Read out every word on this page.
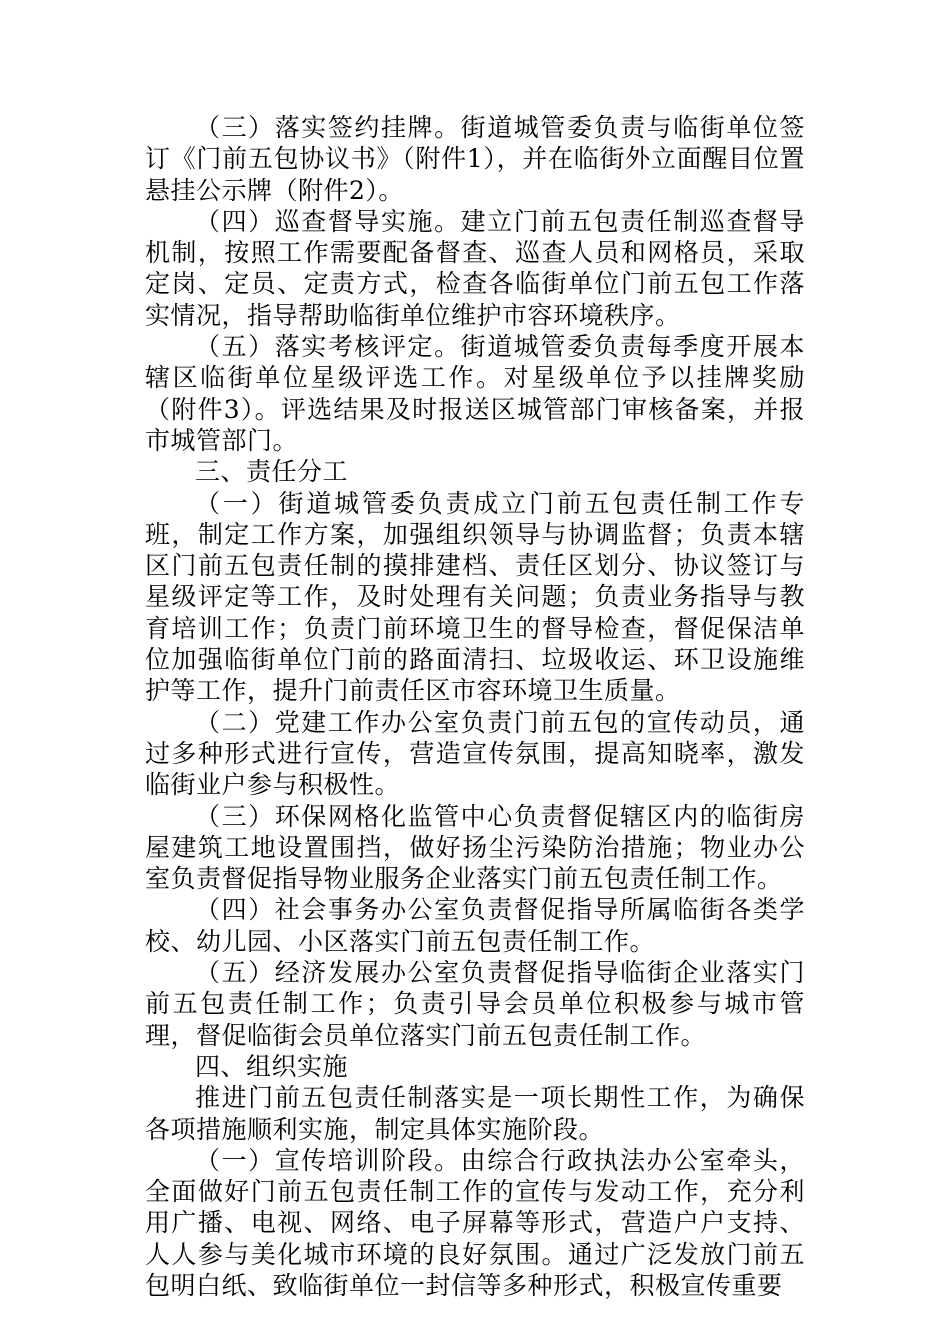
（三）落实签约挂牌。街道城管委负责与临街单位签订《门前五包协议书》（附件1），并在临街外立面醒目位置悬挂公示牌（附件2）。

（四）巡查督导实施。建立门前五包责任制巡查督导机制，按照工作需要配备督查、巡查人员和网格员，采取定岗、定员、定责方式，检查各临街单位门前五包工作落实情况，指导帮助临街单位维护市容环境秩序。

（五）落实考核评定。街道城管委负责每季度开展本辖区临街单位星级评选工作。对星级单位予以挂牌奖励（附件3）。评选结果及时报送区城管部门审核备案，并报市城管部门。

三、责任分工

（一）街道城管委负责成立门前五包责任制工作专班，制定工作方案，加强组织领导与协调监督；负责本辖区门前五包责任制的摸排建档、责任区划分、协议签订与星级评定等工作，及时处理有关问题；负责业务指导与教育培训工作；负责门前环境卫生的督导检查，督促保洁单位加强临街单位门前的路面清扫、垃圾收运、环卫设施维护等工作，提升门前责任区市容环境卫生质量。

（二）党建工作办公室负责门前五包的宣传动员，通过多种形式进行宣传，营造宣传氛围，提高知晓率，激发临街业户参与积极性。

（三）环保网格化监管中心负责督促辖区内的临街房屋建筑工地设置围挡，做好扬尘污染防治措施；物业办公室负责督促指导物业服务企业落实门前五包责任制工作。

（四）社会事务办公室负责督促指导所属临街各类学校、幼儿园、小区落实门前五包责任制工作。

（五）经济发展办公室负责督促指导临街企业落实门前五包责任制工作；负责引导会员单位积极参与城市管理，督促临街会员单位落实门前五包责任制工作。

四、组织实施

推进门前五包责任制落实是一项长期性工作，为确保各项措施顺利实施，制定具体实施阶段。

（一）宣传培训阶段。由综合行政执法办公室牵头，全面做好门前五包责任制工作的宣传与发动工作，充分利用广播、电视、网络、电子屏幕等形式，营造户户支持、人人参与美化城市环境的良好氛围。通过广泛发放门前五包明白纸、致临街单位一封信等多种形式，积极宣传重要
